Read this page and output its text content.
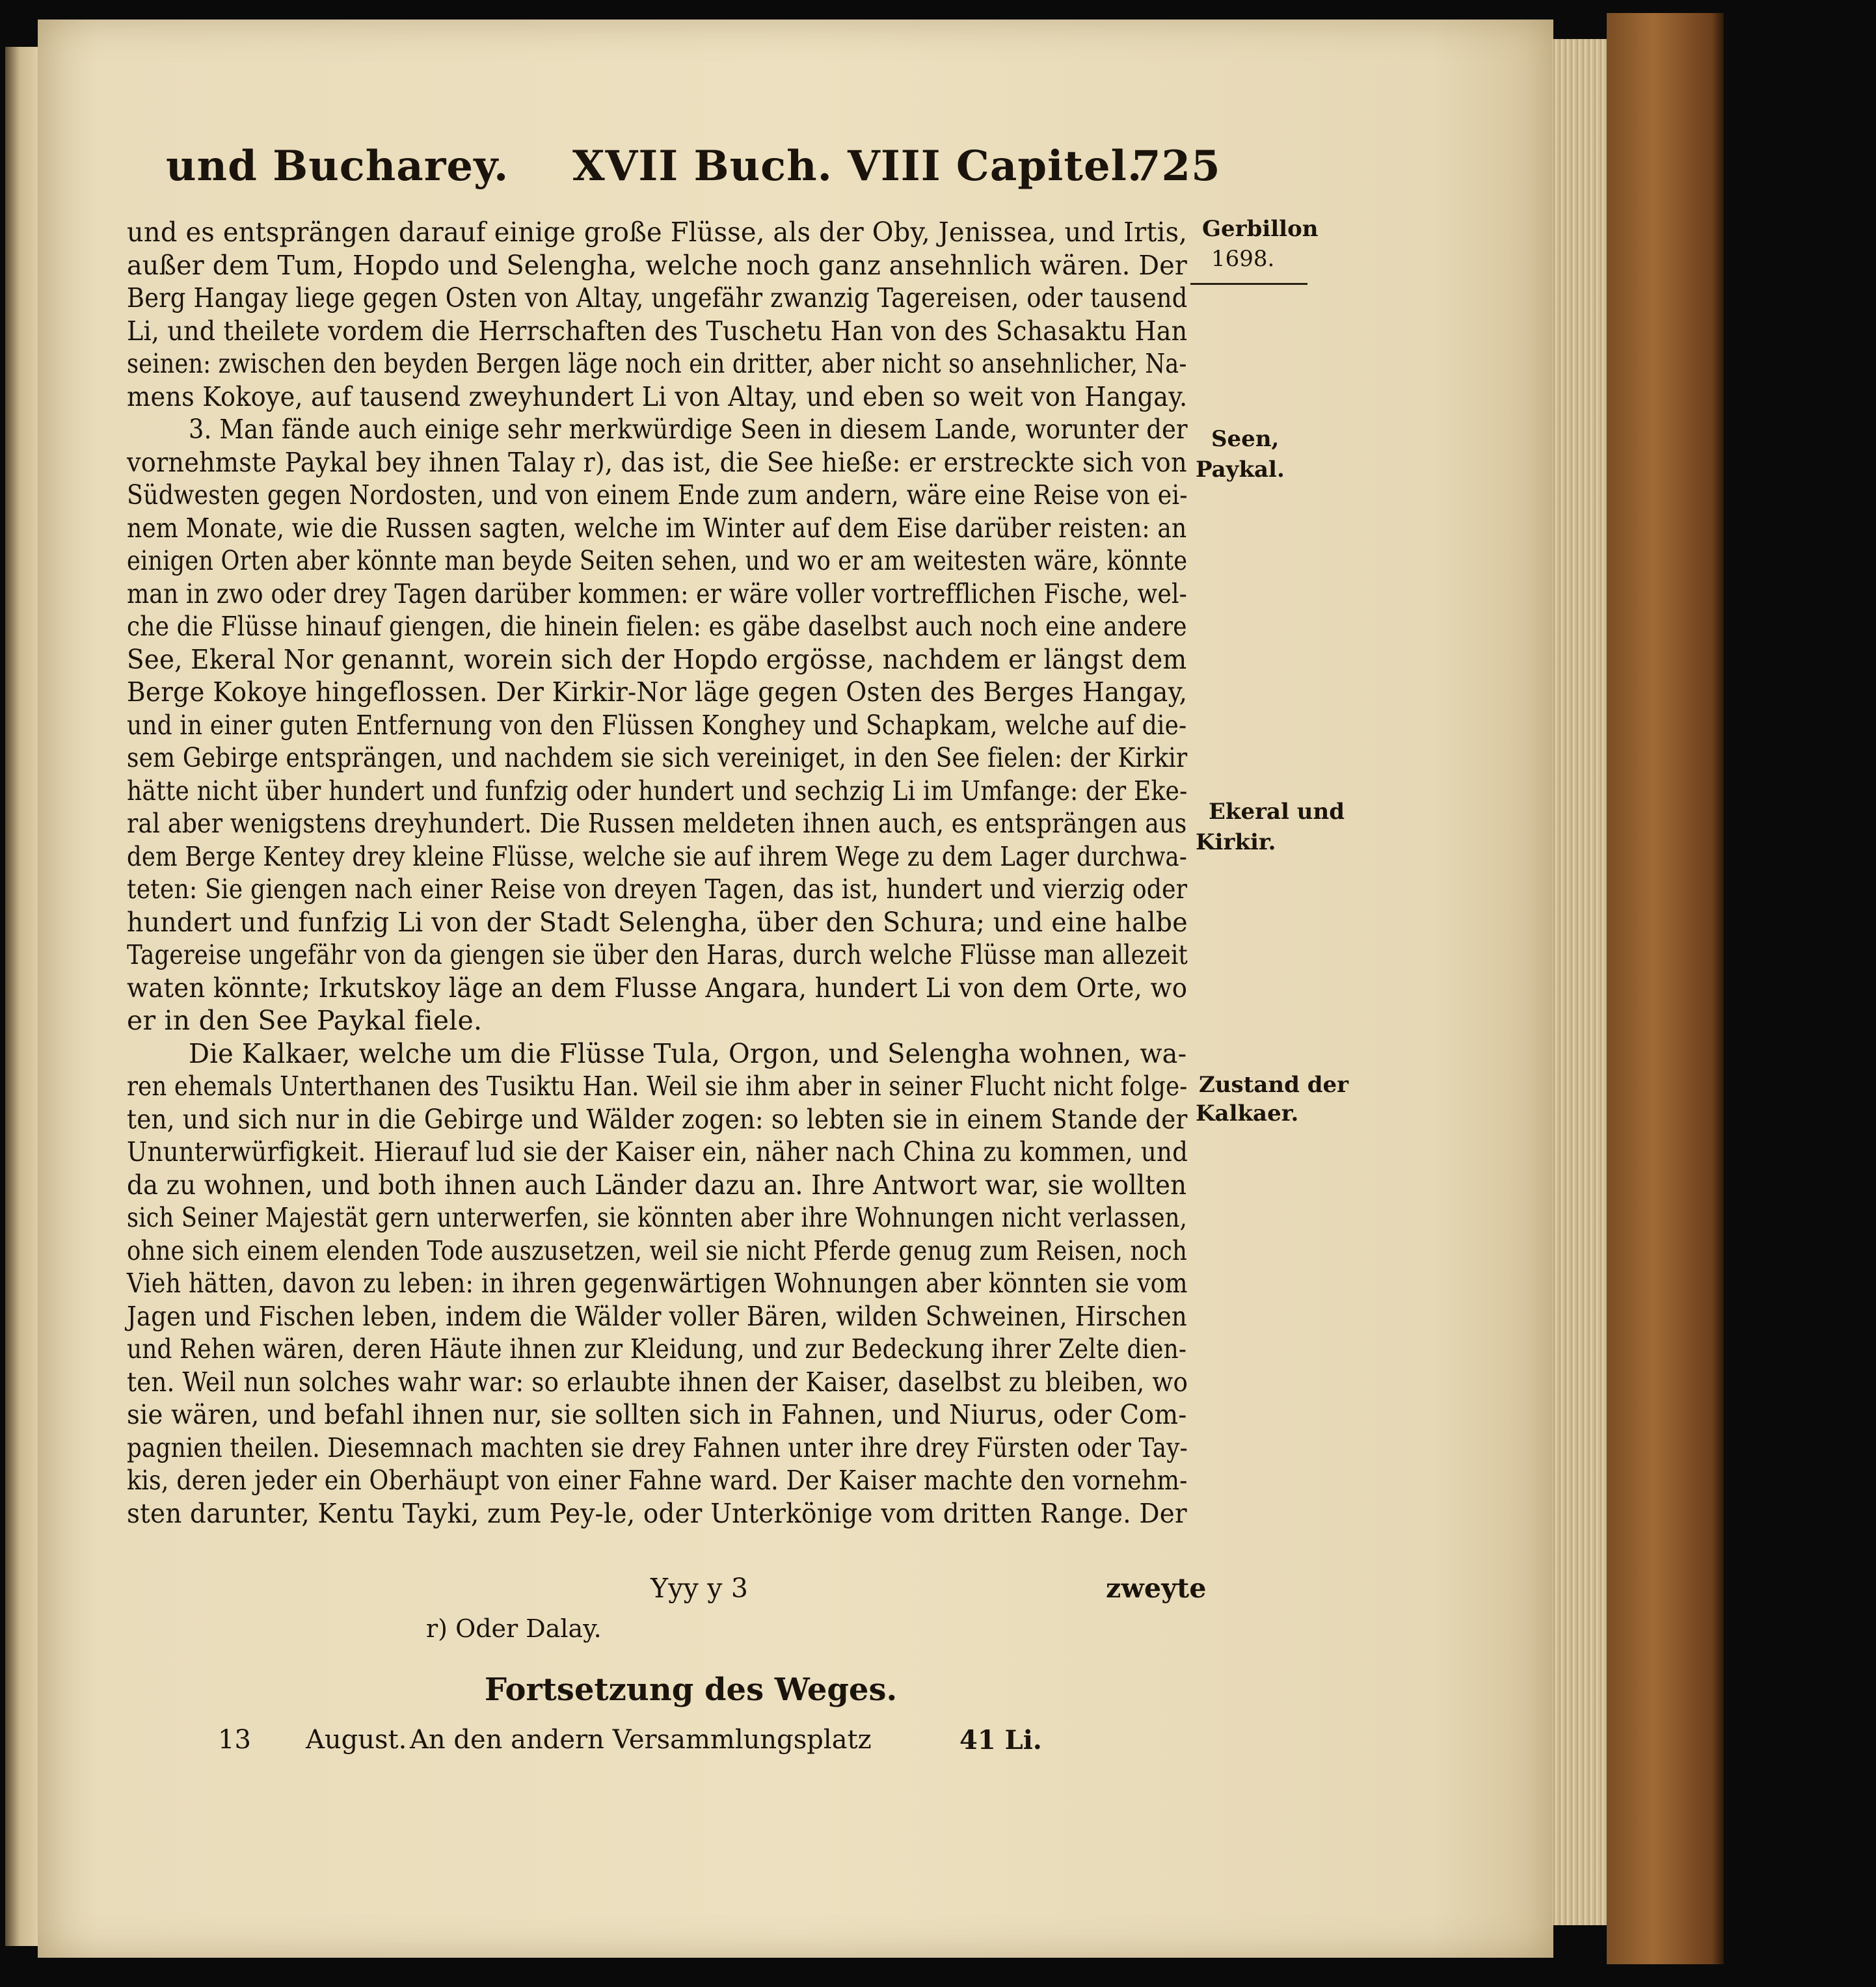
und Bucharey. XVII Buch. VIII Capitel.
725
Gerbillon
1698.
Seen,
Paykal.
Ekeral und
Kirkir.
Zustand der
Kalkaer.
und es entsprängen darauf einige große Flüsse, als der Oby, Jenissea, und Irtis,
außer dem Tum, Hopdo und Selengha, welche noch ganz ansehnlich wären. Der
Berg Hangay liege gegen Osten von Altay, ungefähr zwanzig Tagereisen, oder tausend
Li, und theilete vordem die Herrschaften des Tuschetu Han von des Schasaktu Han
seinen: zwischen den beyden Bergen läge noch ein dritter, aber nicht so ansehnlicher, Na-
mens Kokoye, auf tausend zweyhundert Li von Altay, und eben so weit von Hangay.
3. Man fände auch einige sehr merkwürdige Seen in diesem Lande, worunter der
vornehmste Paykal bey ihnen Talay r), das ist, die See hieße: er erstreckte sich von
Südwesten gegen Nordosten, und von einem Ende zum andern, wäre eine Reise von ei-
nem Monate, wie die Russen sagten, welche im Winter auf dem Eise darüber reisten: an
einigen Orten aber könnte man beyde Seiten sehen, und wo er am weitesten wäre, könnte
man in zwo oder drey Tagen darüber kommen: er wäre voller vortrefflichen Fische, wel-
che die Flüsse hinauf giengen, die hinein fielen: es gäbe daselbst auch noch eine andere
See, Ekeral Nor genannt, worein sich der Hopdo ergösse, nachdem er längst dem
Berge Kokoye hingeflossen. Der Kirkir-Nor läge gegen Osten des Berges Hangay,
und in einer guten Entfernung von den Flüssen Konghey und Schapkam, welche auf die-
sem Gebirge entsprängen, und nachdem sie sich vereiniget, in den See fielen: der Kirkir
hätte nicht über hundert und funfzig oder hundert und sechzig Li im Umfange: der Eke-
ral aber wenigstens dreyhundert. Die Russen meldeten ihnen auch, es entsprängen aus
dem Berge Kentey drey kleine Flüsse, welche sie auf ihrem Wege zu dem Lager durchwa-
teten: Sie giengen nach einer Reise von dreyen Tagen, das ist, hundert und vierzig oder
hundert und funfzig Li von der Stadt Selengha, über den Schura; und eine halbe
Tagereise ungefähr von da giengen sie über den Haras, durch welche Flüsse man allezeit
waten könnte; Irkutskoy läge an dem Flusse Angara, hundert Li von dem Orte, wo
er in den See Paykal fiele.
Die Kalkaer, welche um die Flüsse Tula, Orgon, und Selengha wohnen, wa-
ren ehemals Unterthanen des Tusiktu Han. Weil sie ihm aber in seiner Flucht nicht folge-
ten, und sich nur in die Gebirge und Wälder zogen: so lebten sie in einem Stande der
Ununterwürfigkeit. Hierauf lud sie der Kaiser ein, näher nach China zu kommen, und
da zu wohnen, und both ihnen auch Länder dazu an. Ihre Antwort war, sie wollten
sich Seiner Majestät gern unterwerfen, sie könnten aber ihre Wohnungen nicht verlassen,
ohne sich einem elenden Tode auszusetzen, weil sie nicht Pferde genug zum Reisen, noch
Vieh hätten, davon zu leben: in ihren gegenwärtigen Wohnungen aber könnten sie vom
Jagen und Fischen leben, indem die Wälder voller Bären, wilden Schweinen, Hirschen
und Rehen wären, deren Häute ihnen zur Kleidung, und zur Bedeckung ihrer Zelte dien-
ten. Weil nun solches wahr war: so erlaubte ihnen der Kaiser, daselbst zu bleiben, wo
sie wären, und befahl ihnen nur, sie sollten sich in Fahnen, und Niurus, oder Com-
pagnien theilen. Diesemnach machten sie drey Fahnen unter ihre drey Fürsten oder Tay-
kis, deren jeder ein Oberhäupt von einer Fahne ward. Der Kaiser machte den vornehm-
sten darunter, Kentu Tayki, zum Pey-le, oder Unterkönige vom dritten Range. Der
Yyy y 3	zweyte
r) Oder Dalay.
Fortsetzung des Weges.
13 August. An den andern Versammlungsplatz	41 Li.
